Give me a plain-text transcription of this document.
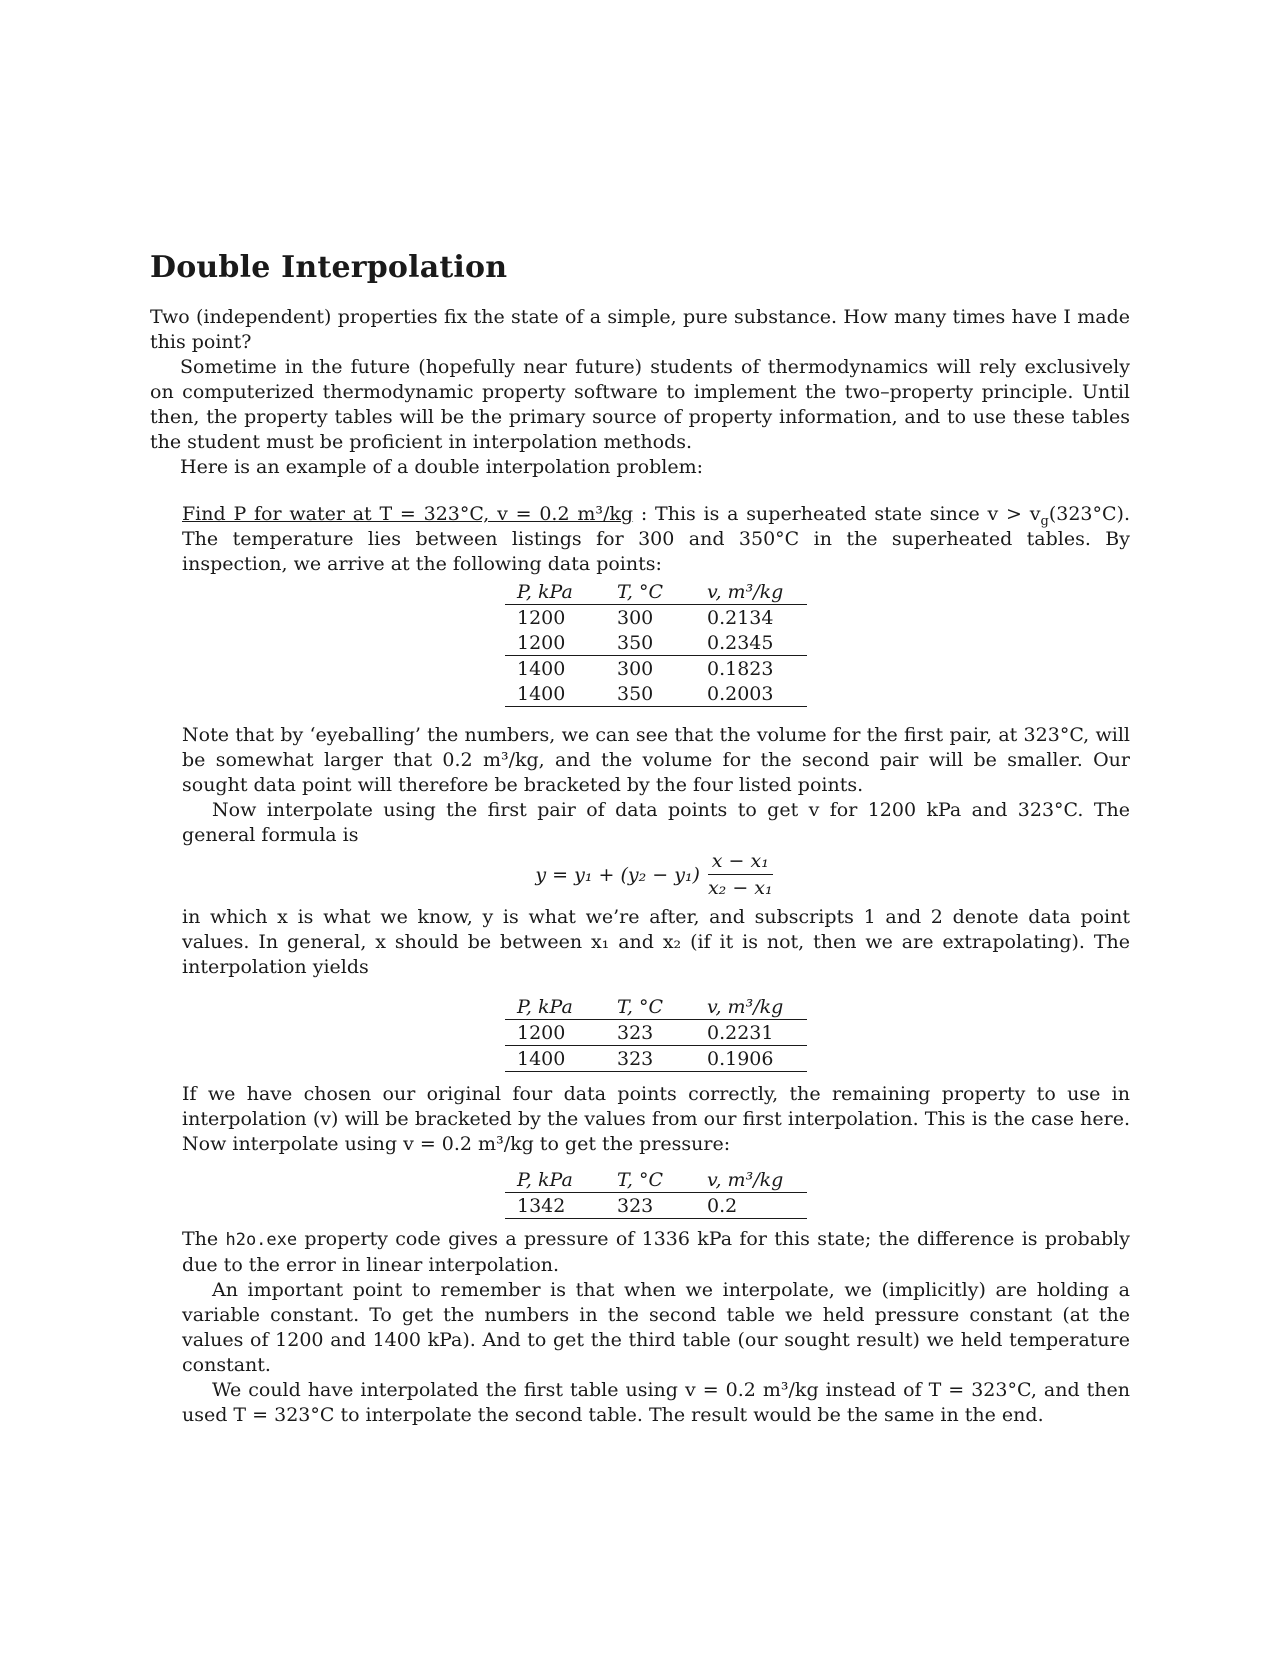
Double Interpolation

Two (independent) properties fix the state of a simple, pure substance. How many times have I made this point?

Sometime in the future (hopefully near future) students of thermodynamics will rely exclusively on computerized thermodynamic property software to implement the two–property principle. Until then, the property tables will be the primary source of property information, and to use these tables the student must be proficient in interpolation methods.

Here is an example of a double interpolation problem:

Find P for water at T = 323°C, v = 0.2 m³/kg : This is a superheated state since $v > v_g(323^\circ C)$. The temperature lies between listings for 300 and 350°C in the superheated tables. By inspection, we arrive at the following data points:

P, kPa	T, °C	v, m³/kg
1200	300	0.2134
1200	350	0.2345
1400	300	0.1823
1400	350	0.2003

Note that by ‘eyeballing’ the numbers, we can see that the volume for the first pair, at 323°C, will be somewhat larger that 0.2 m³/kg, and the volume for the second pair will be smaller. Our sought data point will therefore be bracketed by the four listed points.

Now interpolate using the first pair of data points to get v for 1200 kPa and 323°C. The general formula is

$y = y_1 + (y_2 - y_1) \frac{\text{x − x₁}}{\text{x₂ − x₁}}$

in which x is what we know, y is what we’re after, and subscripts 1 and 2 denote data point values. In general, x should be between x₁ and x₂ (if it is not, then we are extrapolating). The interpolation yields

P, kPa	T, °C	v, m³/kg
1200	323	0.2231
1400	323	0.1906

If we have chosen our original four data points correctly, the remaining property to use in interpolation (v) will be bracketed by the values from our first interpolation. This is the case here. Now interpolate using v = 0.2 m³/kg to get the pressure:

P, kPa	T, °C	v, m³/kg
1342	323	0.2

The h2o.exe property code gives a pressure of 1336 kPa for this state; the difference is probably due to the error in linear interpolation.

An important point to remember is that when we interpolate, we (implicitly) are holding a variable constant. To get the numbers in the second table we held pressure constant (at the values of 1200 and 1400 kPa). And to get the third table (our sought result) we held temperature constant.

We could have interpolated the first table using v = 0.2 m³/kg instead of T = 323°C, and then used T = 323°C to interpolate the second table. The result would be the same in the end.
